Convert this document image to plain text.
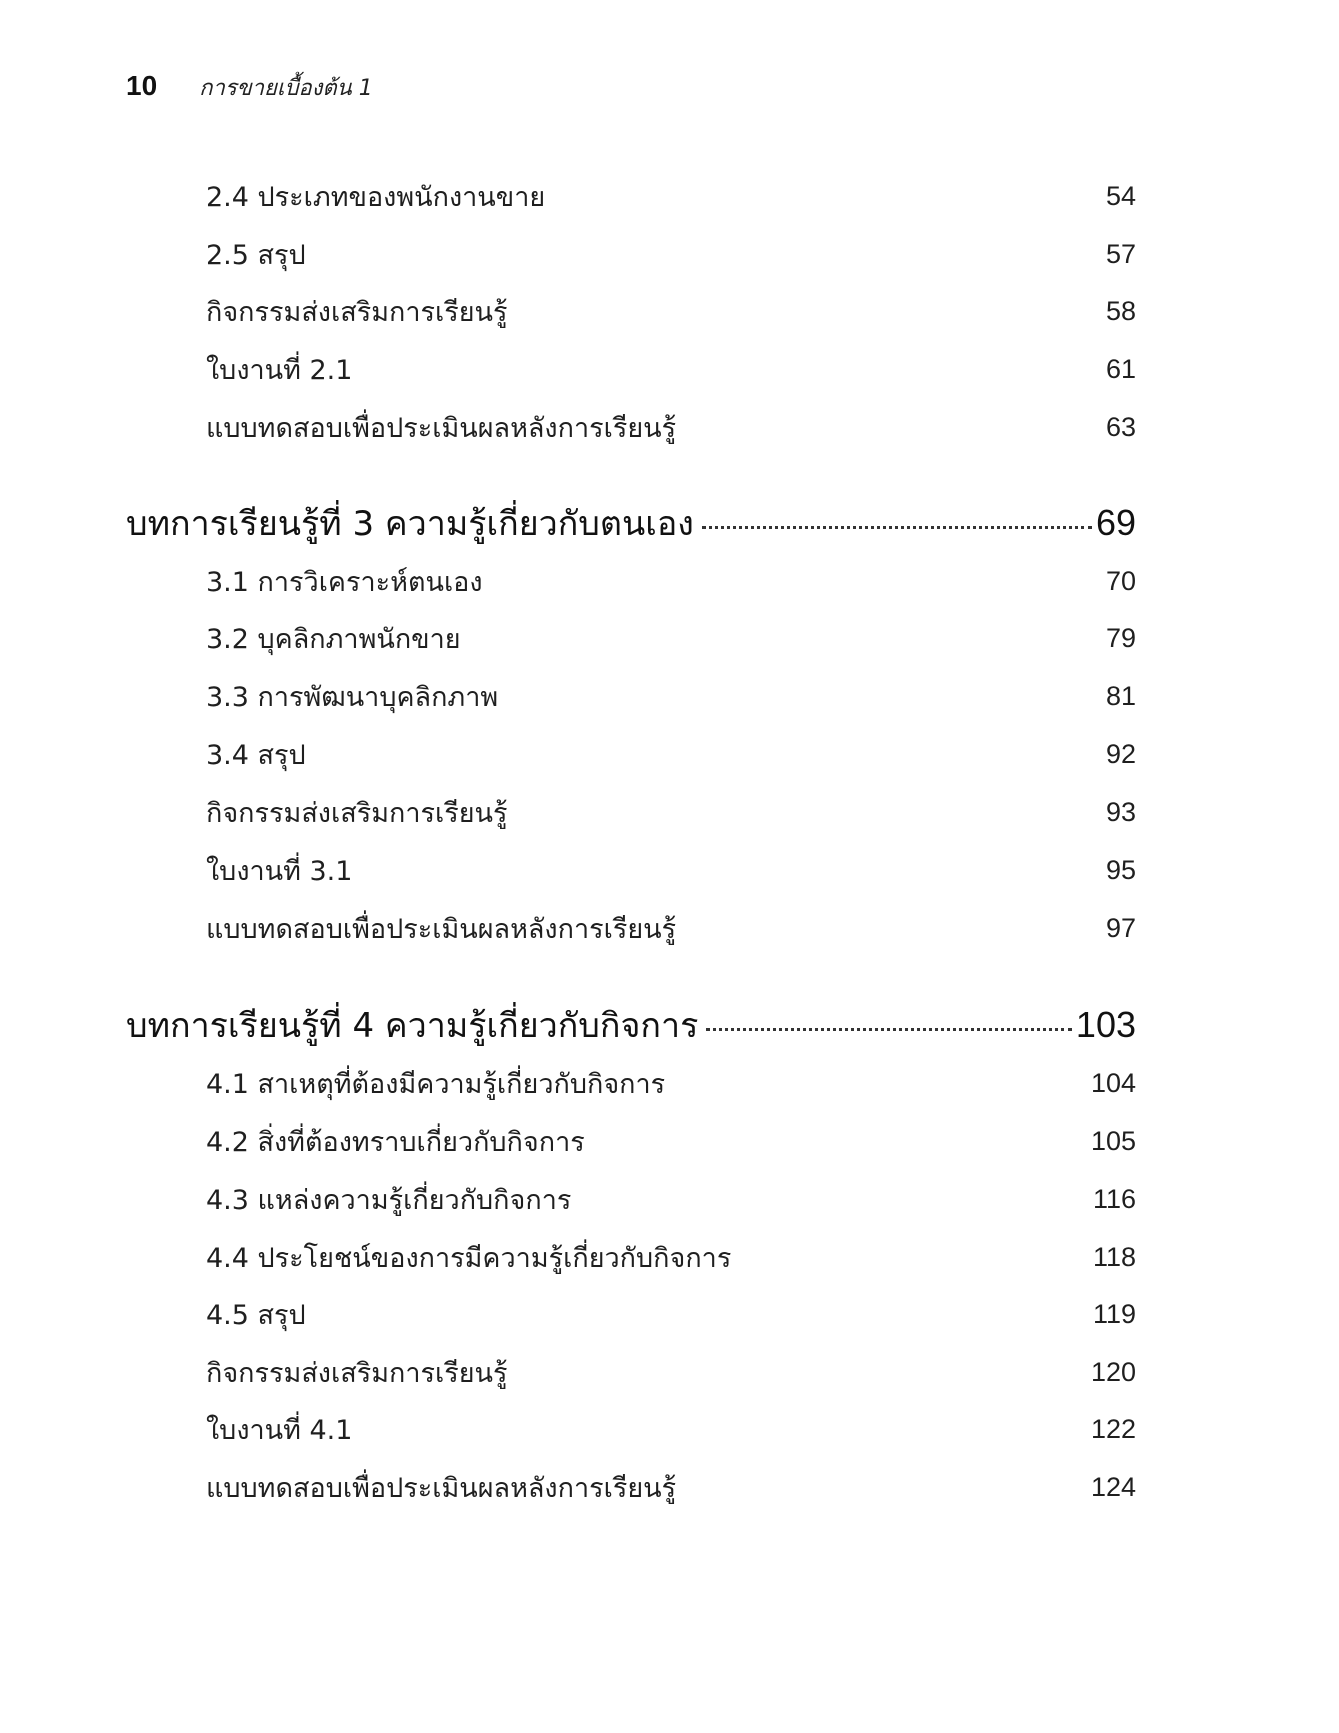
10 การขายเบื้องต้น 1
2.4 ประเภทของพนักงานขาย	54
2.5 สรุป	57
กิจกรรมส่งเสริมการเรียนรู้	58
ใบงานที่ 2.1	61
แบบทดสอบเพื่อประเมินผลหลังการเรียนรู้	63
บทการเรียนรู้ที่ 3 ความรู้เกี่ยวกับตนเอง	69
3.1 การวิเคราะห์ตนเอง	70
3.2 บุคลิกภาพนักขาย	79
3.3 การพัฒนาบุคลิกภาพ	81
3.4 สรุป	92
กิจกรรมส่งเสริมการเรียนรู้	93
ใบงานที่ 3.1	95
แบบทดสอบเพื่อประเมินผลหลังการเรียนรู้	97
บทการเรียนรู้ที่ 4 ความรู้เกี่ยวกับกิจการ	103
4.1 สาเหตุที่ต้องมีความรู้เกี่ยวกับกิจการ	104
4.2 สิ่งที่ต้องทราบเกี่ยวกับกิจการ	105
4.3 แหล่งความรู้เกี่ยวกับกิจการ	116
4.4 ประโยชน์ของการมีความรู้เกี่ยวกับกิจการ	118
4.5 สรุป	119
กิจกรรมส่งเสริมการเรียนรู้	120
ใบงานที่ 4.1	122
แบบทดสอบเพื่อประเมินผลหลังการเรียนรู้	124
